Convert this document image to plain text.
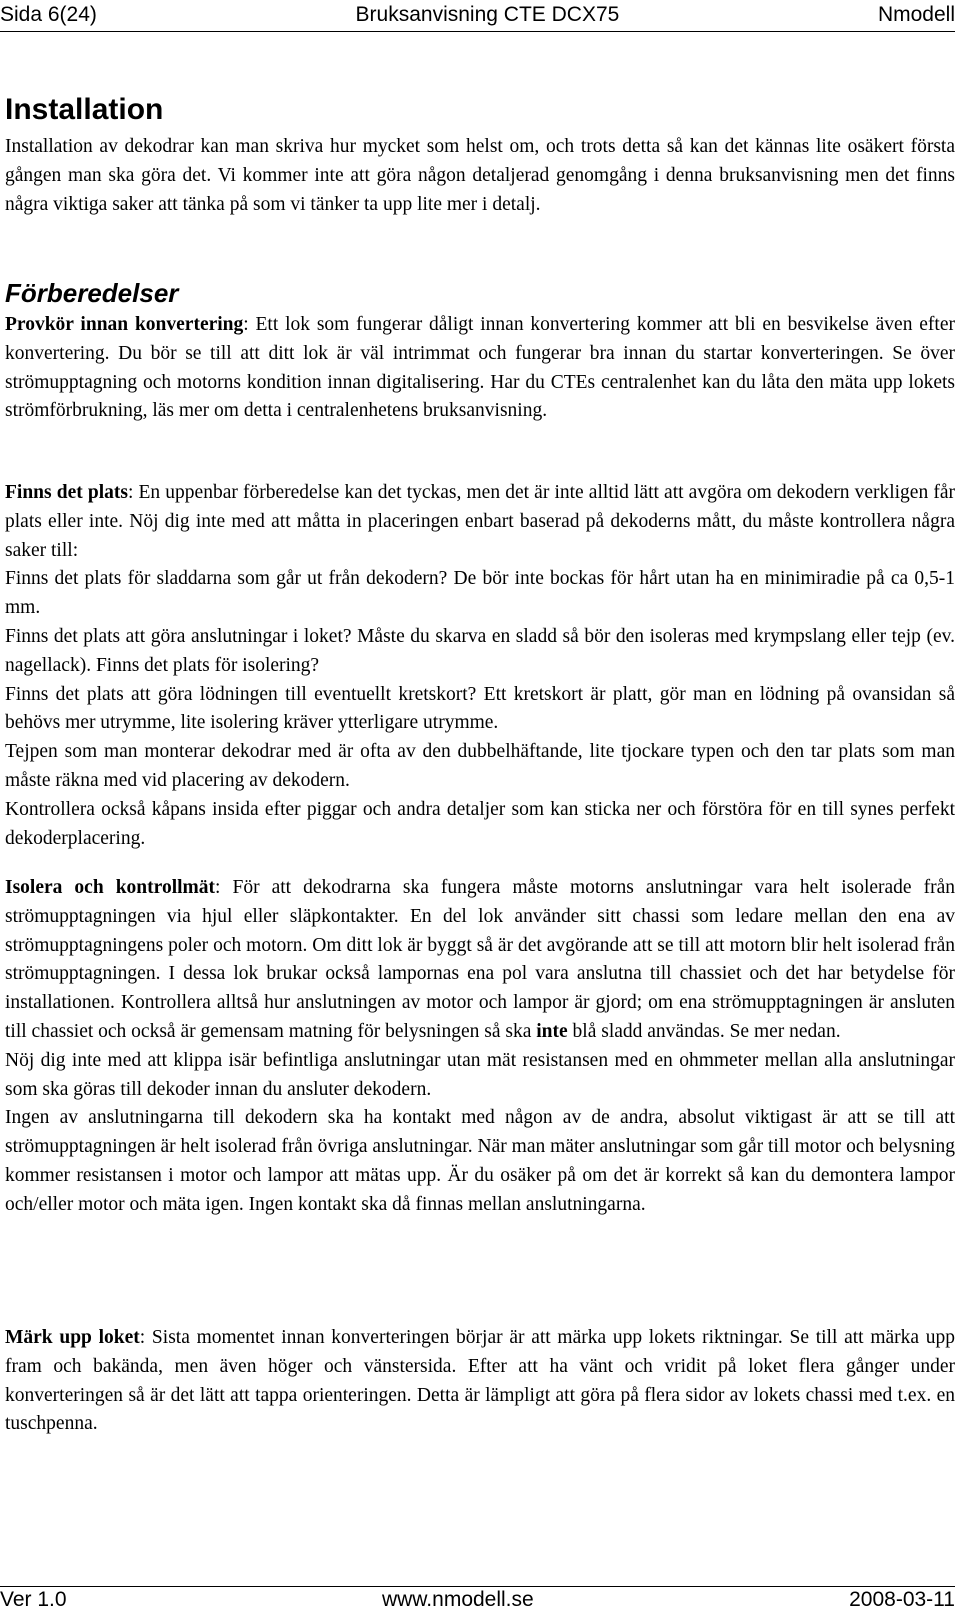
Sida 6(24)	Bruksanvisning CTE DCX75	Nmodell
Installation

Installation av dekodrar kan man skriva hur mycket som helst om, och trots detta så kan det kännas lite osäkert första gången man ska göra det. Vi kommer inte att göra någon detaljerad genomgång i denna bruksanvisning men det finns några viktiga saker att tänka på som vi tänker ta upp lite mer i detalj.

Förberedelser

Provkör innan konvertering: Ett lok som fungerar dåligt innan konvertering kommer att bli en besvikelse även efter konvertering. Du bör se till att ditt lok är väl intrimmat och fungerar bra innan du startar konverteringen. Se över strömupptagning och motorns kondition innan digitalisering. Har du CTEs centralenhet kan du låta den mäta upp lokets strömförbrukning, läs mer om detta i centralenhetens bruksanvisning.

Finns det plats: En uppenbar förberedelse kan det tyckas, men det är inte alltid lätt att avgöra om dekodern verkligen får plats eller inte. Nöj dig inte med att måtta in placeringen enbart baserad på dekoderns mått, du måste kontrollera några saker till:

Finns det plats för sladdarna som går ut från dekodern? De bör inte bockas för hårt utan ha en minimiradie på ca 0,5-1 mm.

Finns det plats att göra anslutningar i loket? Måste du skarva en sladd så bör den isoleras med krympslang eller tejp (ev. nagellack). Finns det plats för isolering?

Finns det plats att göra lödningen till eventuellt kretskort? Ett kretskort är platt, gör man en lödning på ovansidan så behövs mer utrymme, lite isolering kräver ytterligare utrymme.

Tejpen som man monterar dekodrar med är ofta av den dubbelhäftande, lite tjockare typen och den tar plats som man måste räkna med vid placering av dekodern.

Kontrollera också kåpans insida efter piggar och andra detaljer som kan sticka ner och förstöra för en till synes perfekt dekoderplacering.

Isolera och kontrollmät: För att dekodrarna ska fungera måste motorns anslutningar vara helt isolerade från strömupptagningen via hjul eller släpkontakter. En del lok använder sitt chassi som ledare mellan den ena av strömupptagningens poler och motorn. Om ditt lok är byggt så är det avgörande att se till att motorn blir helt isolerad från strömupptagningen. I dessa lok brukar också lampornas ena pol vara anslutna till chassiet och det har betydelse för installationen. Kontrollera alltså hur anslutningen av motor och lampor är gjord; om ena strömupptagningen är ansluten till chassiet och också är gemensam matning för belysningen så ska inte blå sladd användas. Se mer nedan.

Nöj dig inte med att klippa isär befintliga anslutningar utan mät resistansen med en ohmmeter mellan alla anslutningar som ska göras till dekoder innan du ansluter dekodern.

Ingen av anslutningarna till dekodern ska ha kontakt med någon av de andra, absolut viktigast är att se till att strömupptagningen är helt isolerad från övriga anslutningar. När man mäter anslutningar som går till motor och belysning kommer resistansen i motor och lampor att mätas upp. Är du osäker på om det är korrekt så kan du demontera lampor och/eller motor och mäta igen. Ingen kontakt ska då finnas mellan anslutningarna.

Märk upp loket: Sista momentet innan konverteringen börjar är att märka upp lokets riktningar. Se till att märka upp fram och bakända, men även höger och vänstersida. Efter att ha vänt och vridit på loket flera gånger under konverteringen så är det lätt att tappa orienteringen. Detta är lämpligt att göra på flera sidor av lokets chassi med t.ex. en tuschpenna.

Ver 1.0	www.nmodell.se	2008-03-11
